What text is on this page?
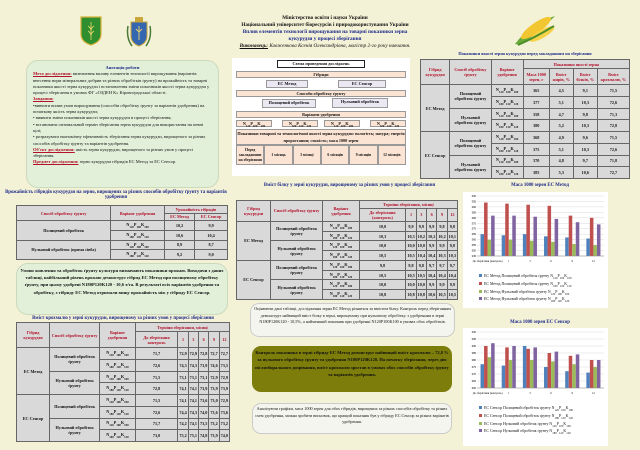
Міністерство освіти і науки України
Національний університет біоресурсів і природокористування України
Вплив елементів технології вирощування на товарні показники зерна
кукурудзи у процесі зберігання
Виконавець: Ковженкова Ксенія Олександрівна, магістр 2-го року навчання.
Показники якості зерна кукурудзи перед закладанням на зберігання
Анотація роботи
Мета дослідження: визначення впливу елементів технології вирощування (варіантів внесення норм мінеральних добрив та різних обробітків ґрунту) на врожайність та товарні показники якості зерна кукурудзи і встановлення зміни показників якості зерна кукурудзи у процесі зберігання в умовах ФГ «ОЗДЕН К» Кіровоградської області.
Завдання:
•вивчити вплив умов вирощування (способів обробітку ґрунту за варіантів удобрення) на початкову якість зерна кукурудзи;
• виявити зміни показників якості зерна кукурудзи в процесі зберігання;
• встановити оптимальний термін зберігання зерна кукурудзи для використання на певні цілі;
• розрахувати економічну ефективність зберігання зерна кукурудзи, вирощеного за різних способів обробітку ґрунту та варіантів удобрення.
Об'єкт дослідження: якість зерна кукурудзи, вирощеного за різних умов у процесі зберігання.
Предмет дослідження: зерно кукурудзи гібридів ЕС Метод та ЕС Сенсор.
Врожайність гібридів кукурудзи на зерно, вирощених за різних способів обробітку ґрунту та варіантів удобрення
Спосіб обробітку ґрунту	Варіант удобрення	Урожайність гібридів	
		ЕС Метод	ЕС Сенсор
Полицевий обробіток	$N_{120}P_{100}K_{100}$	10,2	9,9
	$N_{180}P_{120}K_{120}$	10,6	10,4
Нульовий обробіток (пряма сівба)	$N_{120}P_{100}K_{100}$	8,9	8,7
	$N_{180}P_{120}K_{120}$	9,2	9,0
Умови живлення та обробіток ґрунту культури визначають показники врожаю. Виходячи з даних таблиці, найбільший рівень врожаю демонструє гібрид ЕС Метод при полицевому обробітку ґрунту, при цьому удобрені N180P120K120 - 10,6 т/га. В результаті всіх варіантів удобрення та обробітку, з гібриду ЕС Метод отримали вищу врожайність ніж у гібриду ЕС Сенсор.
Вміст крохмалю у зерні кукурудзи, вирощеному за різних умов у процесі зберігання
Гібрид кукурудзи	Спосіб обробітку ґрунту	Варіант удобрення	Терміни зберігання, місяці					
			До зберігання контроль	1	3	6	9	12
ЕС Метод	Полицевий обробіток ґрунту	$N_{120}P_{100}K_{100}$	71,7	72,9	72,9	72,8	72,7	72,7
		$N_{180}P_{120}K_{120}$	72,6	74,3	74,3	73,9	74,6	73,5
	Нульовий обробіток ґрунту	$N_{120}P_{100}K_{100}$	71,5	73,1	73,1	73,1	72,9	72,9
		$N_{180}P_{120}K_{120}$	72,8	74,1	74,1	73,9	73,9	73,9
ЕС Сенсор	Полицевий обробіток	$N_{120}P_{100}K_{100}$	71,5	74,1	74,1	73,6	73,0	72,9
		$N_{180}P_{120}K_{120}$	72,6	74,4	74,3	74,0	73,6	73,6
	Нульовий обробіток ґрунту	$N_{120}P_{100}K_{100}$	71,7	74,2	74,1	73,5	73,2	73,2
		$N_{180}P_{120}K_{120}$	73,0	75,2	75,1	74,8	73,9	74,0
Схема проведення досліджень
Гібриди
ЕС Метод	ЕС Сенсор
Способи обробітку ґрунту
Полицевий обробіток	Нульовий обробіток
Варіанти удобрення
$N_{120}P_{100}K_{100}$	$N_{180}P_{120}K_{120}$	$N_{120}P_{100}K_{100}$	$N_{180}P_{120}K_{120}$
Показники товарної та технологічної якості зерна кукурудзи: вологість; натура; енергія проростання; схожість; маса 1000 зерен
Перед закладанням на зберігання
1 місяць	3 місяці	6 місяців	9 місяців	12 місяців
Гібрид кукурудзи	Спосіб обробітку ґрунту	Варіант удобрення	Показники якості зерна			
			Маса 1000 зерен, г	Вміст жирів, %	Вміст білків, %	Вміст крохмалю, %
ЕС Метод	Полицевий обробіток ґрунту	$N_{120}P_{100}K_{100}$	365	4,5	9,1	71,5
		$N_{180}P_{120}K_{120}$	377	5,1	10,3	72,6
	Нульовий обробіток ґрунту	$N_{120}P_{100}K_{100}$	358	4,7	9,8	71,3
		$N_{180}P_{120}K_{120}$	380	5,2	10,3	72,8
ЕС Сенсор	Полицевий обробіток ґрунту	$N_{120}P_{100}K_{100}$	368	4,9	9,6	71,5
		$N_{180}P_{120}K_{120}$	375	5,1	10,3	72,6
	Нульовий обробіток ґрунту	$N_{120}P_{100}K_{100}$	370	4,8	9,7	71,8
		$N_{180}P_{120}K_{120}$	385	5,3	10,6	72,7
Вміст білку у зерні кукурудзи, вирощеному за різних умов у процесі зберігання
Гібрид кукурудзи	Спосіб обробітку ґрунту	Варіант удобрення	Терміни зберігання, місяці					
			До зберігання (контроль)	1	3	6	9	12
ЕС Метод	Полицевий обробіток ґрунту	$N_{120}P_{100}K_{100}$	10,0	9,9	9,9	9,9	9,8	9,8
		$N_{180}P_{120}K_{120}$	10,3	10,3	10,2	10,2	10,2	10,1
	Нульовий обробіток ґрунту	$N_{120}P_{100}K_{100}$	10,0	10,0	10,0	9,9	9,9	9,8
		$N_{180}P_{120}K_{120}$	10,5	10,5	10,4	10,4	10,3	10,3
ЕС Сенсор	Полицевий обробіток ґрунту	$N_{120}P_{100}K_{100}$	9,8	9,8	9,8	9,7	9,7	9,7
		$N_{180}P_{120}K_{120}$	10,5	10,5	10,5	10,4	10,4	10,4
	Нульовий обробіток ґрунту	$N_{120}P_{100}K_{100}$	10,0	10,0	10,0	9,9	9,9	9,9
		$N_{180}P_{120}K_{120}$	10,8	10,8	10,8	10,6	10,5	10,5
Оцінюючи дані таблиці, дослідження зерна ЕС Метод різняться за вмістом білку. Контроль перед зберіганням демонструє найвищий вміст білку в зерні, вирощеному при нульовому обробітку. з удобренням в зерні N180P120K120 - 10,5%, а найменший показник при удобренні N120P100K100 в умовах обох обробітків.
Контроль показника в зерні гібриду ЕС Метод демонструє найвищий вміст крохмалю – 72,8 % за нульового обробітку ґрунту та удобрення N180P120K120. На початку зберігання, через дію післязбирального дозрівання, вміст крохмалю зростав в умовах обох способів обробітку ґрунту та варіантів удобрення.
Аналізуючи графіки, маса 1000 зерен для обох гібридів, вирощених за різних способів обробітку та різних схем удобрення, можна зробити висновок, що кращий показник був у гібриду ЕС Сенсор за різних варіантів удобрення.
Маса 1000 зерен ЕС Метод
345
350
355
360
365
370
375
380
385
390
395
400
До зберігання (контроль) 1	3	6	9	12
ЕС Метод Полицевий обробіток ґрунту $N_{120}P_{100}K_{100}$
ЕС Метод Полицевий обробіток ґрунту $N_{180}P_{120}K_{120}$
ЕС Метод Нульовий обробіток ґрунту $N_{120}P_{100}K_{100}$
ЕС Метод Нульовий обробіток ґрунту $N_{180}P_{120}K_{120}$
Маса 1000 зерен ЕС Сенсор
360
365
370
375
380
385
390
395
400
До зберігання (контроль) 1	3	6	9	12
ЕС Сенсор Полицевий обробіток ґрунту $N_{120}P_{100}K_{100}$
ЕС Сенсор Полицевий обробіток ґрунту $N_{180}P_{120}K_{120}$
ЕС Сенсор Нульовий обробіток ґрунту $N_{120}P_{100}K_{100}$
ЕС Сенсор Нульовий обробіток ґрунту $N_{180}P_{120}K_{120}$
